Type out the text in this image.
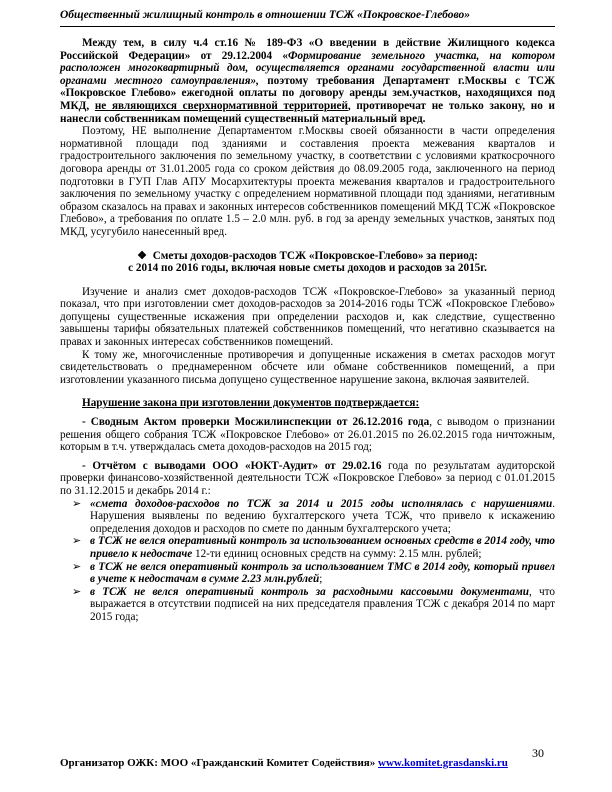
Общественный жилищный контроль в отношении ТСЖ «Покровское-Глебово»

Между тем, в силу ч.4 ст.16 № 189-ФЗ «О введении в действие Жилищного кодекса Российской Федерации» от 29.12.2004 «Формирование земельного участка, на котором расположен многоквартирный дом, осуществляется органами государственной власти или органами местного самоуправления», поэтому требования Департамент г.Москвы с ТСЖ «Покровское Глебово» ежегодной оплаты по договору аренды зем.участков, находящихся под МКД, не являющихся сверхнормативной территорией, противоречат не только закону, но и нанесли собственникам помещений существенный материальный вред.

Поэтому, НЕ выполнение Департаментом г.Москвы своей обязанности в части определения нормативной площади под зданиями и составления проекта межевания кварталов и градостроительного заключения по земельному участку, в соответствии с условиями краткосрочного договора аренды от 31.01.2005 года со сроком действия до 08.09.2005 года, заключенного на период подготовки в ГУП Глав АПУ Мосархитектуры проекта межевания кварталов и градостроительного заключения по земельному участку с определением нормативной площади под зданиями, негативным образом сказалось на правах и законных интересов собственников помещений МКД ТСЖ «Покровское Глебово», а требования по оплате 1.5 – 2.0 млн. руб. в год за аренду земельных участков, занятых под МКД, усугубило нанесенный вред.

❖ Сметы доходов-расходов ТСЖ «Покровское-Глебово» за период:

с 2014 по 2016 годы, включая новые сметы доходов и расходов за 2015г.

Изучение и анализ смет доходов-расходов ТСЖ «Покровское-Глебово» за указанный период показал, что при изготовлении смет доходов-расходов за 2014-2016 годы ТСЖ «Покровское Глебово» допущены существенные искажения при определении расходов и, как следствие, существенно завышены тарифы обязательных платежей собственников помещений, что негативно сказывается на правах и законных интересах собственников помещений.

К тому же, многочисленные противоречия и допущенные искажения в сметах расходов могут свидетельствовать о преднамеренном обсчете или обмане собственников помещений, а при изготовлении указанного письма допущено существенное нарушение закона, включая заявителей.

Нарушение закона при изготовлении документов подтверждается:

- Сводным Актом проверки Мосжилинспекции от 26.12.2016 года, с выводом о признании решения общего собрания ТСЖ «Покровское Глебово» от 26.01.2015 по 26.02.2015 года ничтожным, которым в т.ч. утверждалась смета доходов-расходов на 2015 год;

- Отчётом с выводами ООО «ЮКТ-Аудит» от 29.02.16 года по результатам аудиторской проверки финансово-хозяйственной деятельности ТСЖ «Покровское Глебово» за период с 01.01.2015 по 31.12.2015 и декабрь 2014 г.:

➢ «смета доходов-расходов по ТСЖ за 2014 и 2015 годы исполнялась с нарушениями. Нарушения выявлены по ведению бухгалтерского учета ТСЖ, что привело к искажению определения доходов и расходов по смете по данным бухгалтерского учета;
➢ в ТСЖ не велся оперативный контроль за использованием основных средств в 2014 году, что привело к недостаче 12-ти единиц основных средств на сумму: 2.15 млн. рублей;
➢ в ТСЖ не велся оперативный контроль за использованием ТМС в 2014 году, который привел в учете к недостачам в сумме 2.23 млн.рублей;
➢ в ТСЖ не велся оперативный контроль за расходными кассовыми документами, что выражается в отсутствии подписей на них председателя правления ТСЖ с декабря 2014 по март 2015 года;
30
Организатор ОЖК: МОО «Гражданский Комитет Содействия» www.komitet.grasdanski.ru
